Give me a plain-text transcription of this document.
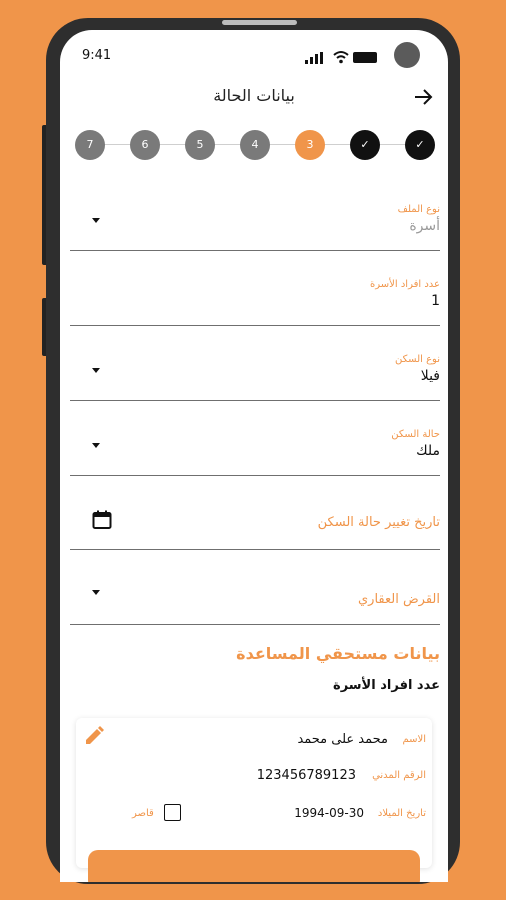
9:41
بيانات الحالة
7	6	5	4	3	✓	✓
نوع الملف
أسرة
عدد افراد الأسرة
1
نوع السكن
فيلا
حالة السكن
ملك
تاريخ تغيير حالة السكن
القرض العقاري
بيانات مستحقي المساعدة
عدد افراد الأسرة
الاسم
محمد على محمد
الرقم المدني
123456789123
تاريخ الميلاد
1994-09-30
قاصر
